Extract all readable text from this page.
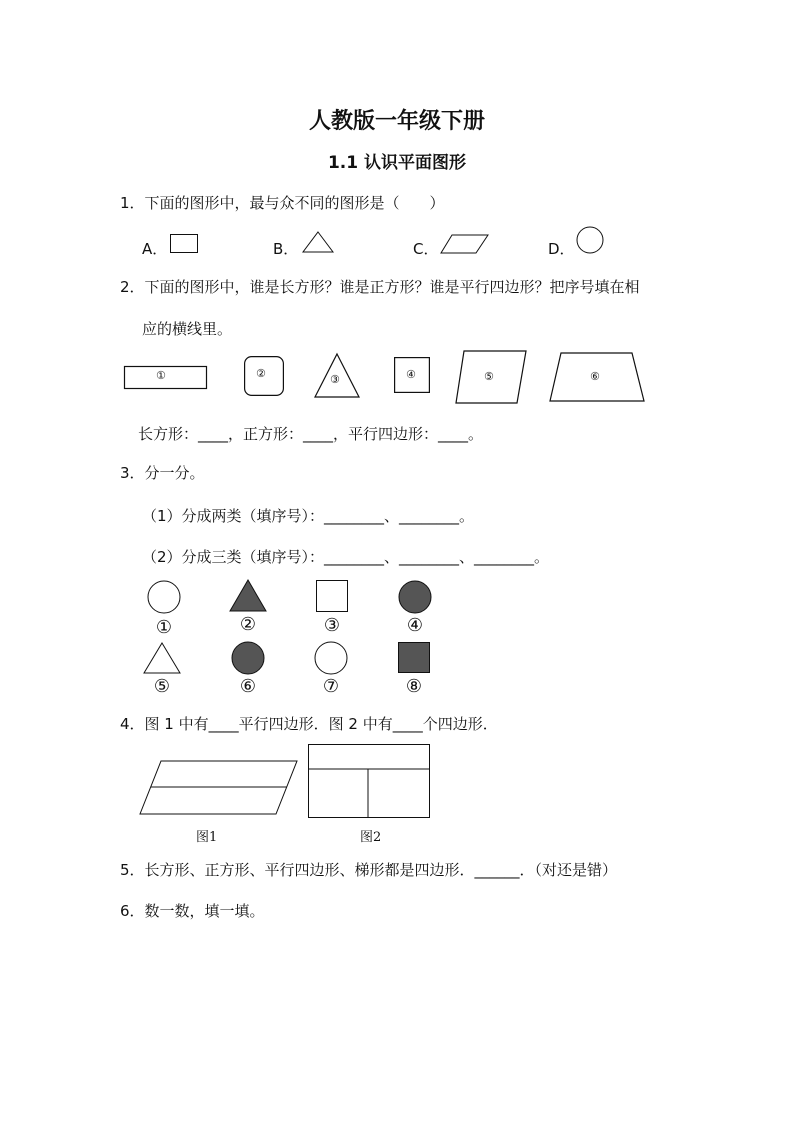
人教版一年级下册
1.1 认识平面图形
1．下面的图形中，最与众不同的图形是（　　）
A．	B．	C．	D．
2．下面的图形中，谁是长方形？谁是正方形？谁是平行四边形？把序号填在相
应的横线里。
①	②	③	④	⑤	⑥
长方形：____，正方形：____，平行四边形：____。
3．分一分。
（1）分成两类（填序号）：________、________。
（2）分成三类（填序号）：________、________、________。
①	②	③	④
⑤	⑥	⑦	⑧
4．图 1 中有____平行四边形．图 2 中有____个四边形．
图1	图2
5．长方形、正方形、平行四边形、梯形都是四边形．______．（对还是错）
6．数一数，填一填。
